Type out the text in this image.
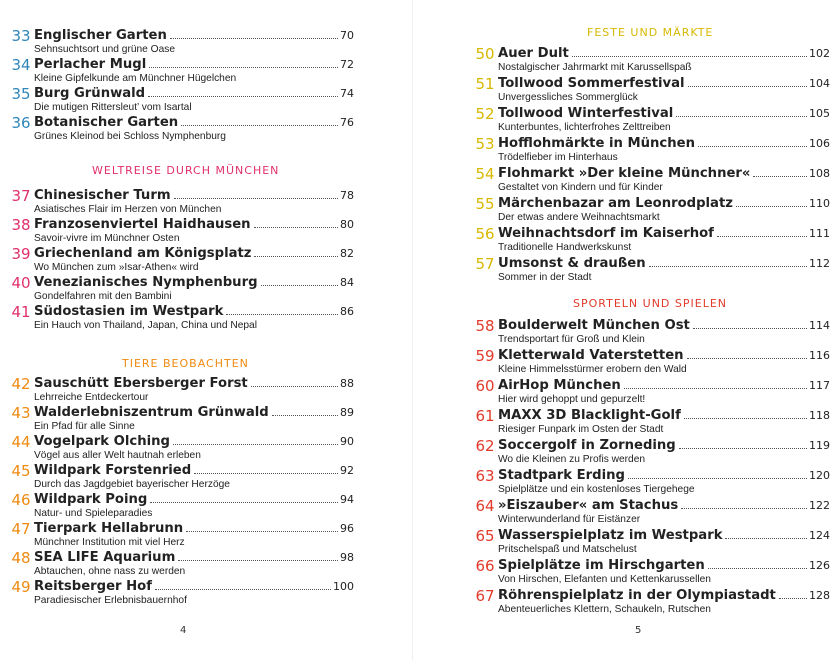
33 Englischer Garten	70
Sehnsuchtsort und grüne Oase
34 Perlacher Mugl	72
Kleine Gipfelkunde am Münchner Hügelchen
35 Burg Grünwald	74
Die mutigen Rittersleut’ vom Isartal
36 Botanischer Garten	76
Grünes Kleinod bei Schloss Nymphenburg
WELTREISE DURCH MÜNCHEN
37 Chinesischer Turm	78
Asiatisches Flair im Herzen von München
38 Franzosenviertel Haidhausen	80
Savoir-vivre im Münchner Osten
39 Griechenland am Königsplatz	82
Wo München zum »Isar-Athen« wird
40 Venezianisches Nymphenburg	84
Gondelfahren mit den Bambini
41 Südostasien im Westpark	86
Ein Hauch von Thailand, Japan, China und Nepal
TIERE BEOBACHTEN
42 Sauschütt Ebersberger Forst	88
Lehrreiche Entdeckertour
43 Walderlebniszentrum Grünwald	89
Ein Pfad für alle Sinne
44 Vogelpark Olching	90
Vögel aus aller Welt hautnah erleben
45 Wildpark Forstenried	92
Durch das Jagdgebiet bayerischer Herzöge
46 Wildpark Poing	94
Natur- und Spieleparadies
47 Tierpark Hellabrunn	96
Münchner Institution mit viel Herz
48 SEA LIFE Aquarium	98
Abtauchen, ohne nass zu werden
49 Reitsberger Hof	100
Paradiesischer Erlebnisbauernhof
4
FESTE UND MÄRKTE
50 Auer Dult	102
Nostalgischer Jahrmarkt mit Karussellspaß
51 Tollwood Sommerfestival	104
Unvergessliches Sommerglück
52 Tollwood Winterfestival	105
Kunterbuntes, lichterfrohes Zelttreiben
53 Hofflohmärkte in München	106
Trödelfieber im Hinterhaus
54 Flohmarkt »Der kleine Münchner«	108
Gestaltet von Kindern und für Kinder
55 Märchenbazar am Leonrodplatz	110
Der etwas andere Weihnachtsmarkt
56 Weihnachtsdorf im Kaiserhof	111
Traditionelle Handwerkskunst
57 Umsonst & draußen	112
Sommer in der Stadt
SPORTELN UND SPIELEN
58 Boulderwelt München Ost	114
Trendsportart für Groß und Klein
59 Kletterwald Vaterstetten	116
Kleine Himmelsstürmer erobern den Wald
60 AirHop München	117
Hier wird gehoppt und gepurzelt!
61 MAXX 3D Blacklight-Golf	118
Riesiger Funpark im Osten der Stadt
62 Soccergolf in Zorneding	119
Wo die Kleinen zu Profis werden
63 Stadtpark Erding	120
Spielplätze und ein kostenloses Tiergehege
64 »Eiszauber« am Stachus	122
Winterwunderland für Eistänzer
65 Wasserspielplatz im Westpark	124
Pritschelspaß und Matschelust
66 Spielplätze im Hirschgarten	126
Von Hirschen, Elefanten und Kettenkarussellen
67 Röhrenspielplatz in der Olympiastadt	128
Abenteuerliches Klettern, Schaukeln, Rutschen
5
